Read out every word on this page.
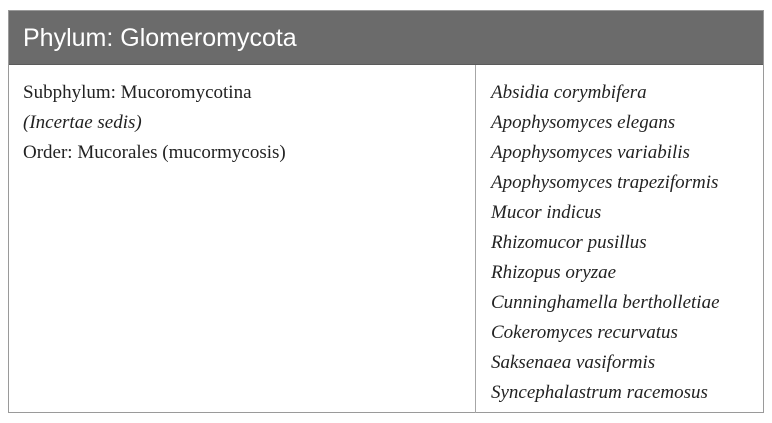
Phylum: Glomeromycota
Subphylum: Mucoromycotina
(Incertae sedis)
Order: Mucorales (mucormycosis)
Absidia corymbifera
Apophysomyces elegans
Apophysomyces variabilis
Apophysomyces trapeziformis
Mucor indicus
Rhizomucor pusillus
Rhizopus oryzae
Cunninghamella bertholletiae
Cokeromyces recurvatus
Saksenaea vasiformis
Syncephalastrum racemosus
